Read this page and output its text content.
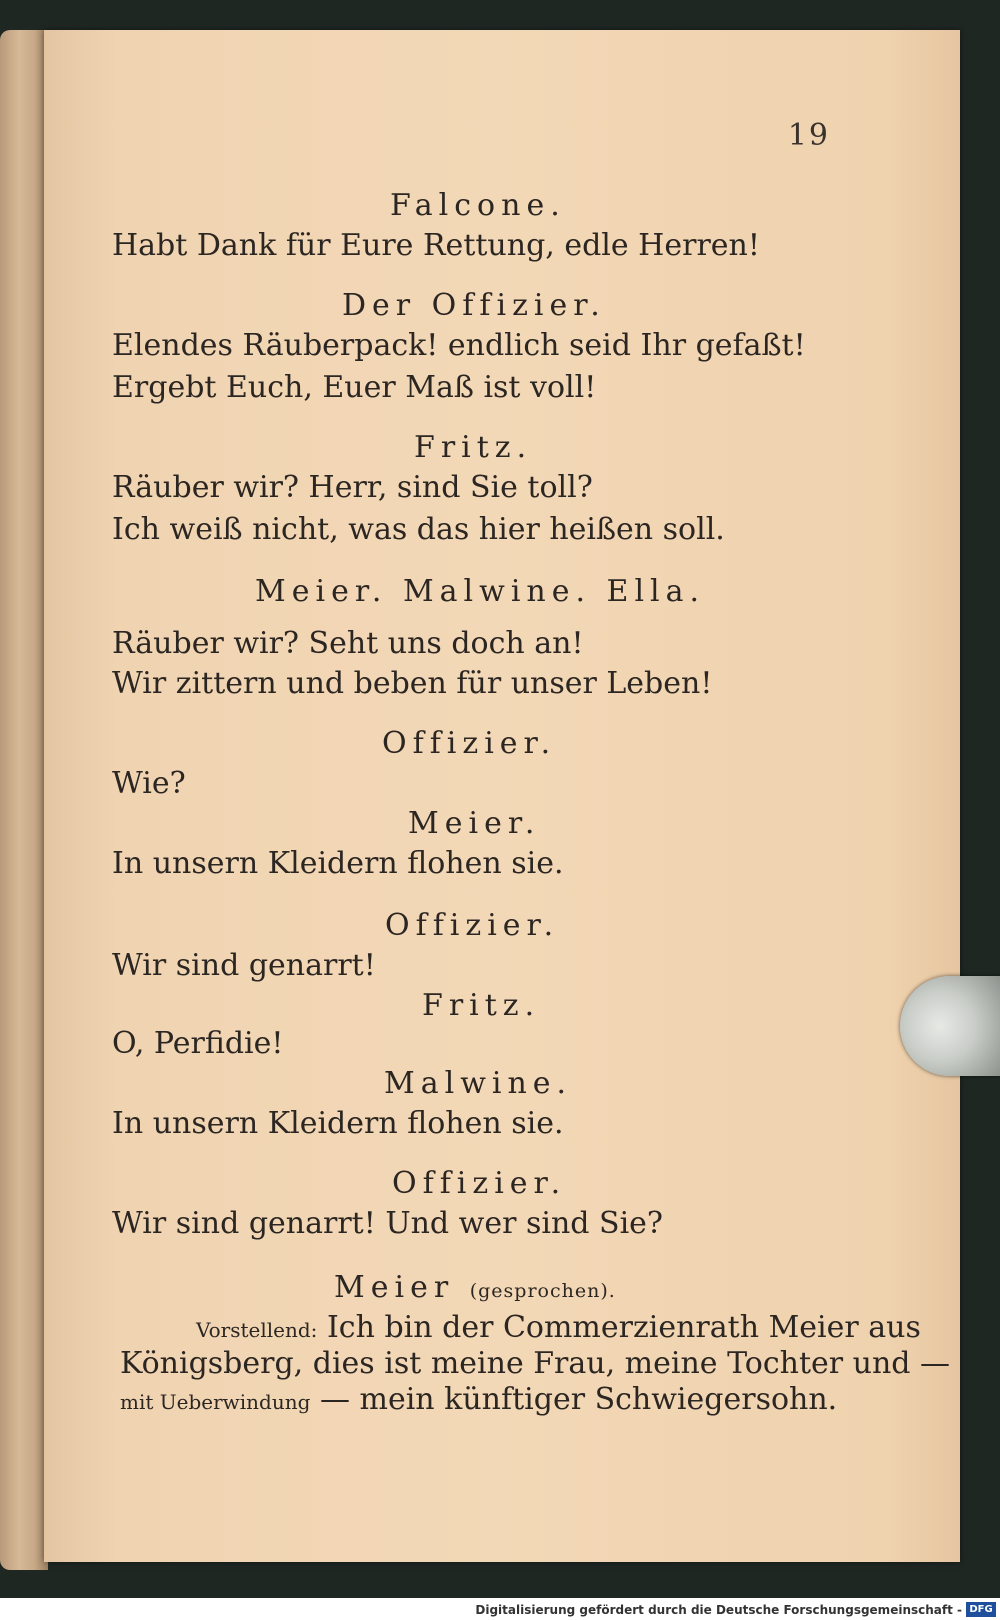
19

Falcone.

Habt Dank für Eure Rettung, edle Herren!

Der Offizier.

Elendes Räuberpack! endlich seid Ihr gefaßt!

Ergebt Euch, Euer Maß ist voll!

Fritz.

Räuber wir? Herr, sind Sie toll?

Ich weiß nicht, was das hier heißen soll.

Meier. Malwine. Ella.

Räuber wir? Seht uns doch an!

Wir zittern und beben für unser Leben!

Offizier.

Wie?

Meier.

In unsern Kleidern flohen sie.

Offizier.

Wir sind genarrt!

Fritz.

O, Perfidie!

Malwine.

In unsern Kleidern flohen sie.

Offizier.

Wir sind genarrt! Und wer sind Sie?

Meier (gesprochen).

Vorstellend: Ich bin der Commerzienrath Meier aus

Königsberg, dies ist meine Frau, meine Tochter und —

mit Ueberwindung — mein künftiger Schwiegersohn.

Digitalisierung gefördert durch die Deutsche Forschungsgemeinschaft - DFG
